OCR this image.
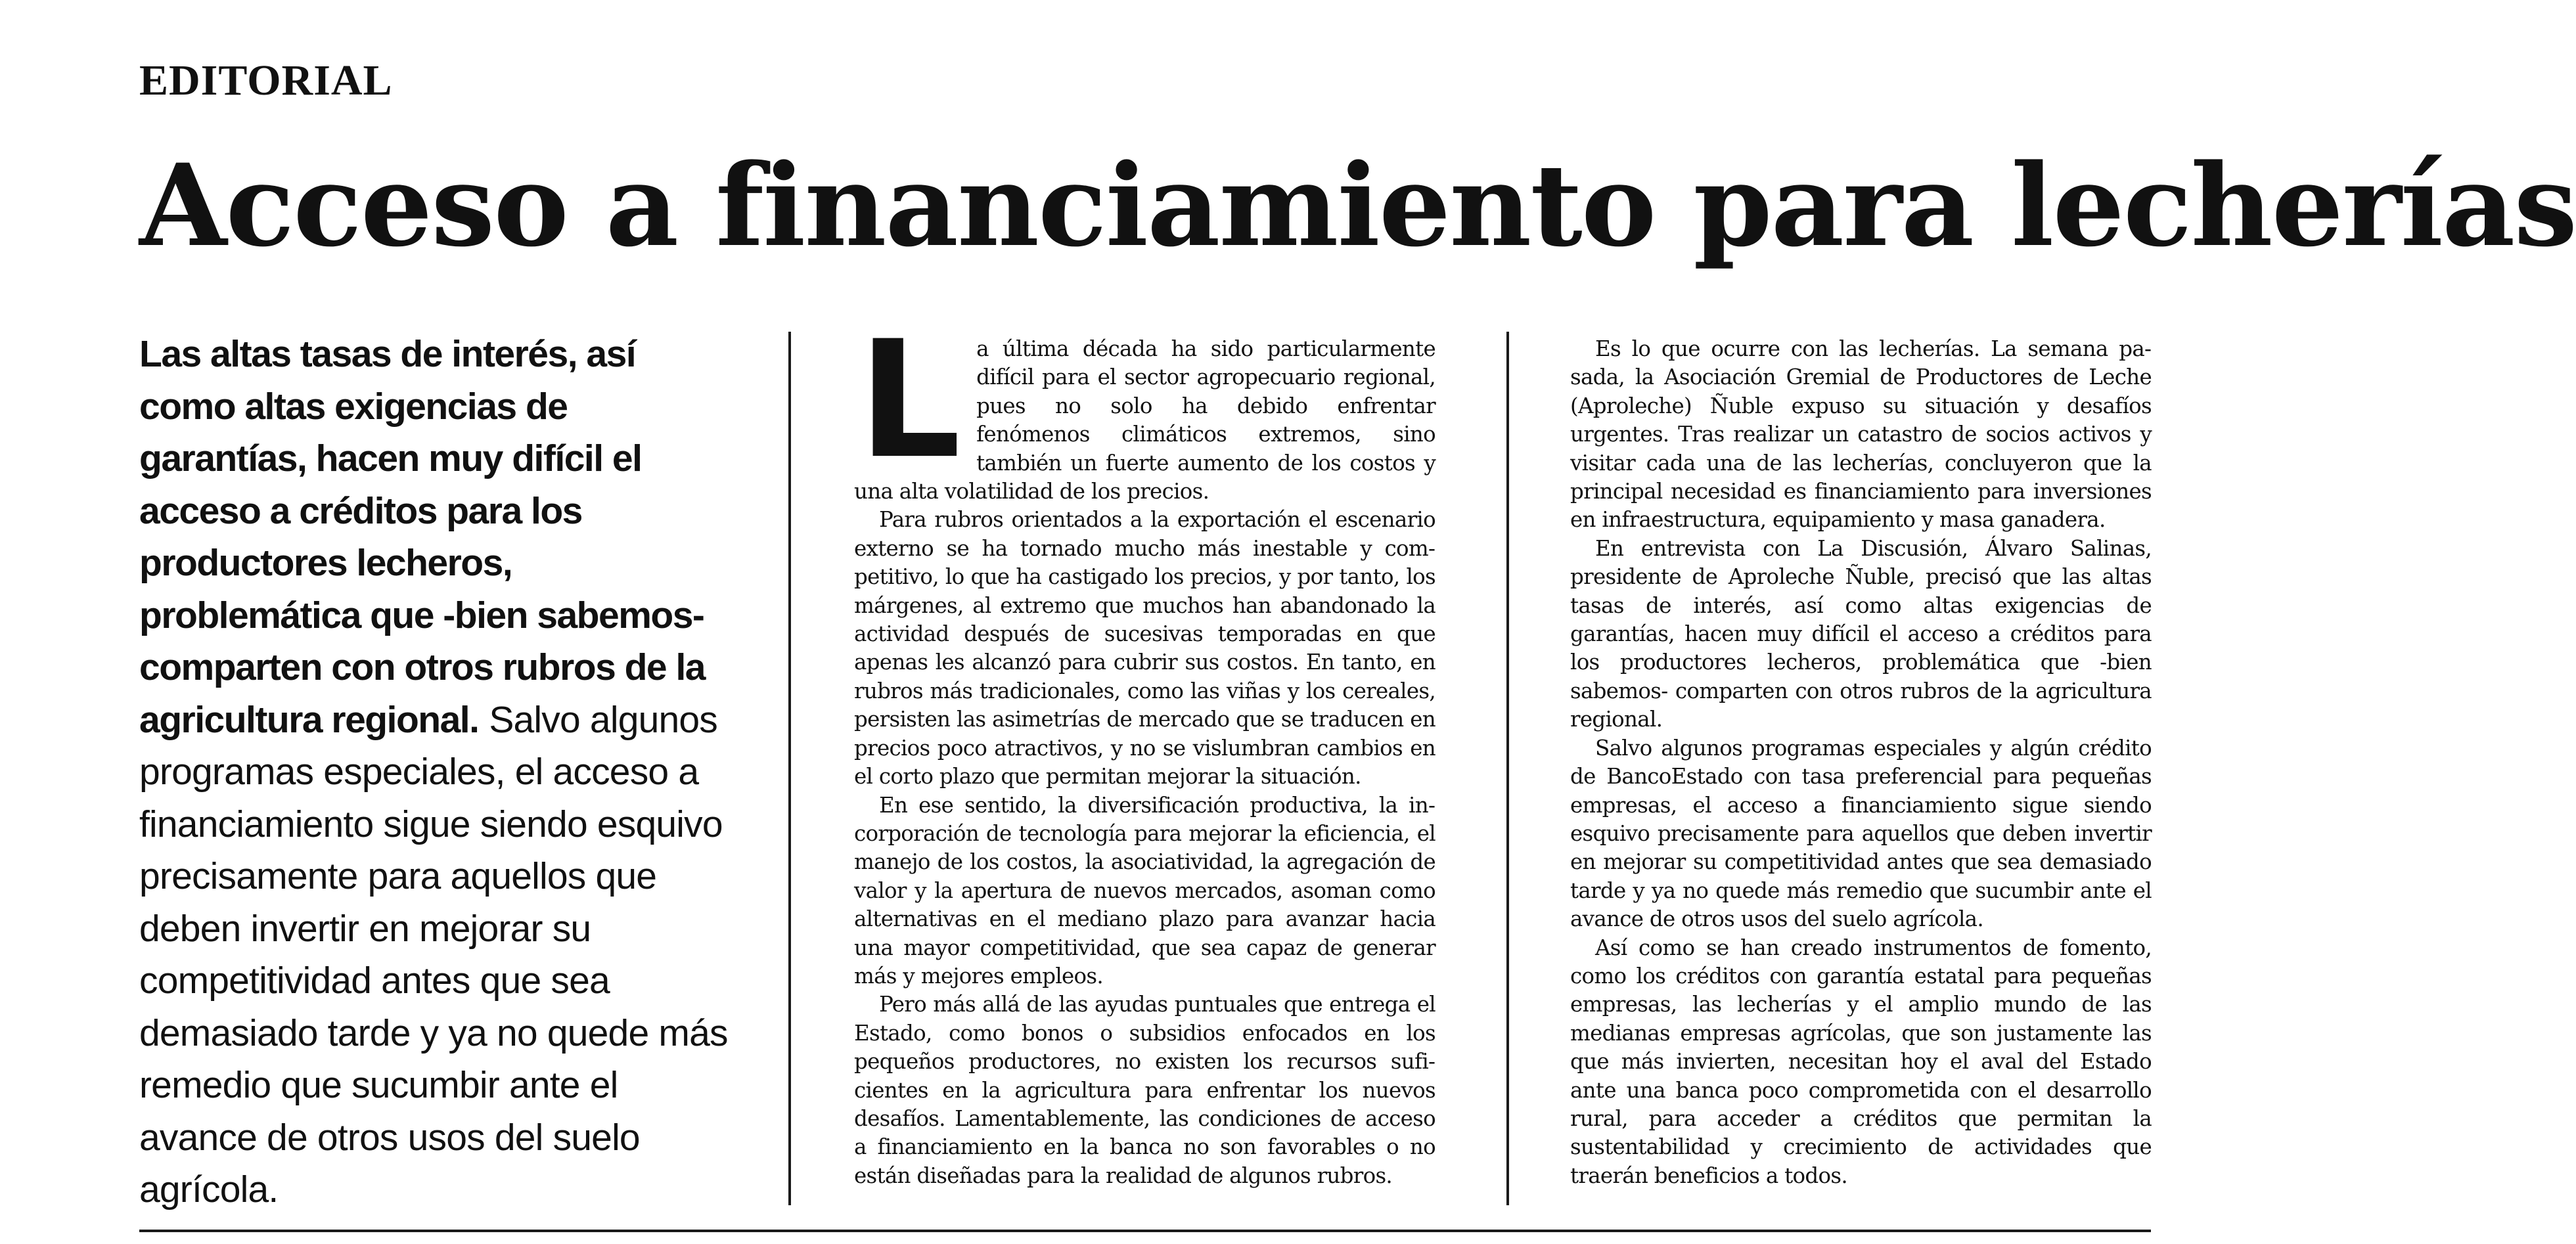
EDITORIAL
Acceso a financiamiento para lecherías

Las altas tasas de interés, así como altas exigencias de garantías, hacen muy difícil el acceso a créditos para los productores lecheros, problemática que -bien sabemos- comparten con otros rubros de la agricultura regional. Salvo algunos programas especiales, el acceso a financiamiento sigue siendo esquivo precisamente para aquellos que deben invertir en mejorar su competitividad antes que sea demasiado tarde y ya no quede más remedio que sucumbir ante el avance de otros usos del suelo agrícola.

La última década ha sido particularmente difícil para el sector agropecuario regional, pues no solo ha debido enfrentar fenómenos climáticos extremos, sino también un fuerte aumento de los costos y una alta volatilidad de los precios.

Para rubros orientados a la exportación el escenario externo se ha tornado mucho más inestable y competitivo, lo que ha castigado los precios, y por tanto, los márgenes, al extremo que muchos han abandonado la actividad después de sucesivas temporadas en que apenas les alcanzó para cubrir sus costos. En tanto, en rubros más tradicionales, como las viñas y los cereales, persisten las asimetrías de mercado que se traducen en precios poco atractivos, y no se vislumbran cambios en el corto plazo que permitan mejorar la situación.

En ese sentido, la diversificación productiva, la incorporación de tecnología para mejorar la eficiencia, el manejo de los costos, la asociatividad, la agregación de valor y la apertura de nuevos mercados, asoman como alternativas en el mediano plazo para avanzar hacia una mayor competitividad, que sea capaz de generar más y mejores empleos.

Pero más allá de las ayudas puntuales que entrega el Estado, como bonos o subsidios enfocados en los pequeños productores, no existen los recursos suficientes en la agricultura para enfrentar los nuevos desafíos. Lamentablemente, las condiciones de acceso a financiamiento en la banca no son favorables o no están diseñadas para la realidad de algunos rubros.

Es lo que ocurre con las lecherías. La semana pasada, la Asociación Gremial de Productores de Leche (Aproleche) Ñuble expuso su situación y desafíos urgentes. Tras realizar un catastro de socios activos y visitar cada una de las lecherías, concluyeron que la principal necesidad es financiamiento para inversiones en infraestructura, equipamiento y masa ganadera.

En entrevista con La Discusión, Álvaro Salinas, presidente de Aproleche Ñuble, precisó que las altas tasas de interés, así como altas exigencias de garantías, hacen muy difícil el acceso a créditos para los productores lecheros, problemática que -bien sabemos- comparten con otros rubros de la agricultura regional.

Salvo algunos programas especiales y algún crédito de BancoEstado con tasa preferencial para pequeñas empresas, el acceso a financiamiento sigue siendo esquivo precisamente para aquellos que deben invertir en mejorar su competitividad antes que sea demasiado tarde y ya no quede más remedio que sucumbir ante el avance de otros usos del suelo agrícola.

Así como se han creado instrumentos de fomento, como los créditos con garantía estatal para pequeñas empresas, las lecherías y el amplio mundo de las medianas empresas agrícolas, que son justamente las que más invierten, necesitan hoy el aval del Estado ante una banca poco comprometida con el desarrollo rural, para acceder a créditos que permitan la sustentabilidad y crecimiento de actividades que traerán beneficios a todos.
